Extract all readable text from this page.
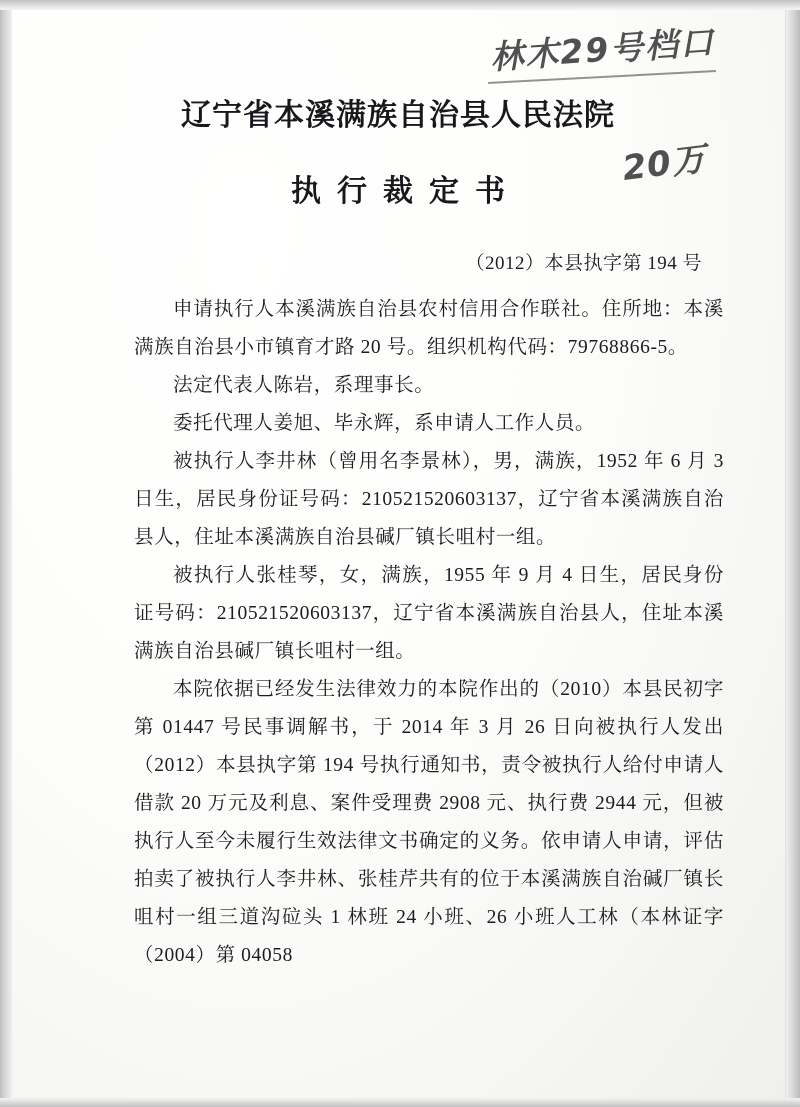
辽宁省本溪满族自治县人民法院
执行裁定书
（2012）本县执字第 194 号

申请执行人本溪满族自治县农村信用合作联社。住所地：本溪满族自治县小市镇育才路 20 号。组织机构代码：79768866-5。

法定代表人陈岩，系理事长。

委托代理人姜旭、毕永辉，系申请人工作人员。

被执行人李井林（曾用名李景林），男，满族，1952 年 6 月 3 日生，居民身份证号码：210521520603137，辽宁省本溪满族自治县人，住址本溪满族自治县碱厂镇长咀村一组。

被执行人张桂琴，女，满族，1955 年 9 月 4 日生，居民身份证号码：210521520603137，辽宁省本溪满族自治县人，住址本溪满族自治县碱厂镇长咀村一组。

本院依据已经发生法律效力的本院作出的（2010）本县民初字第 01447 号民事调解书，于 2014 年 3 月 26 日向被执行人发出（2012）本县执字第 194 号执行通知书，责令被执行人给付申请人借款 20 万元及利息、案件受理费 2908 元、执行费 2944 元，但被执行人至今未履行生效法律文书确定的义务。依申请人申请，评估拍卖了被执行人李井林、张桂芹共有的位于本溪满族自治碱厂镇长咀村一组三道沟砬头 1 林班 24 小班、26 小班人工林（本林证字（2004）第 04058

林木29号档口
20万
